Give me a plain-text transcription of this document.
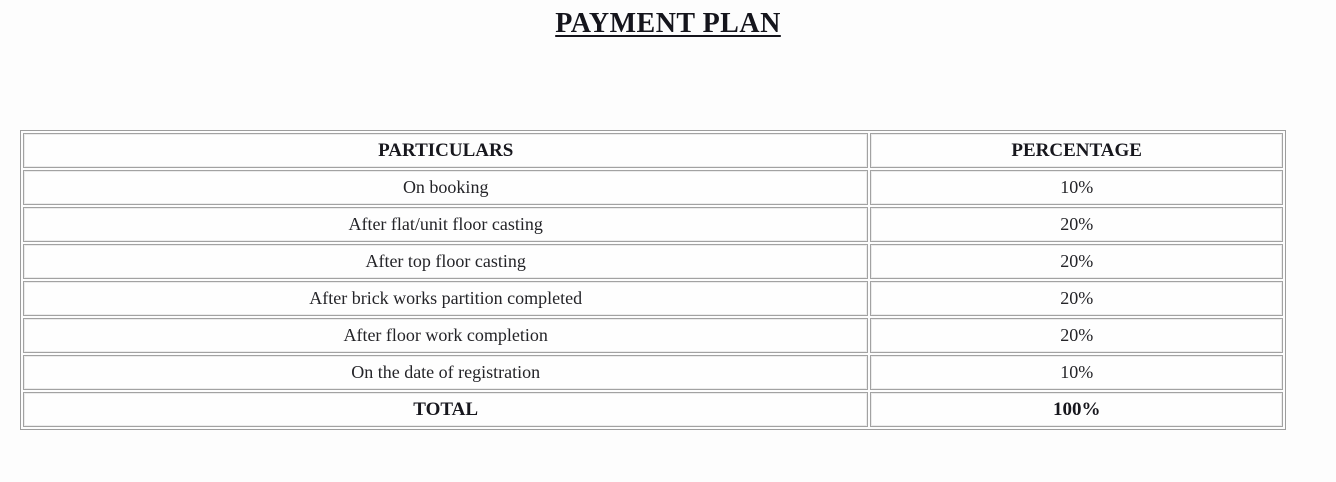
PAYMENT PLAN
PARTICULARS	PERCENTAGE
On booking	10%
After flat/unit floor casting	20%
After top floor casting	20%
After brick works partition completed	20%
After floor work completion	20%
On the date of registration	10%
TOTAL	100%
